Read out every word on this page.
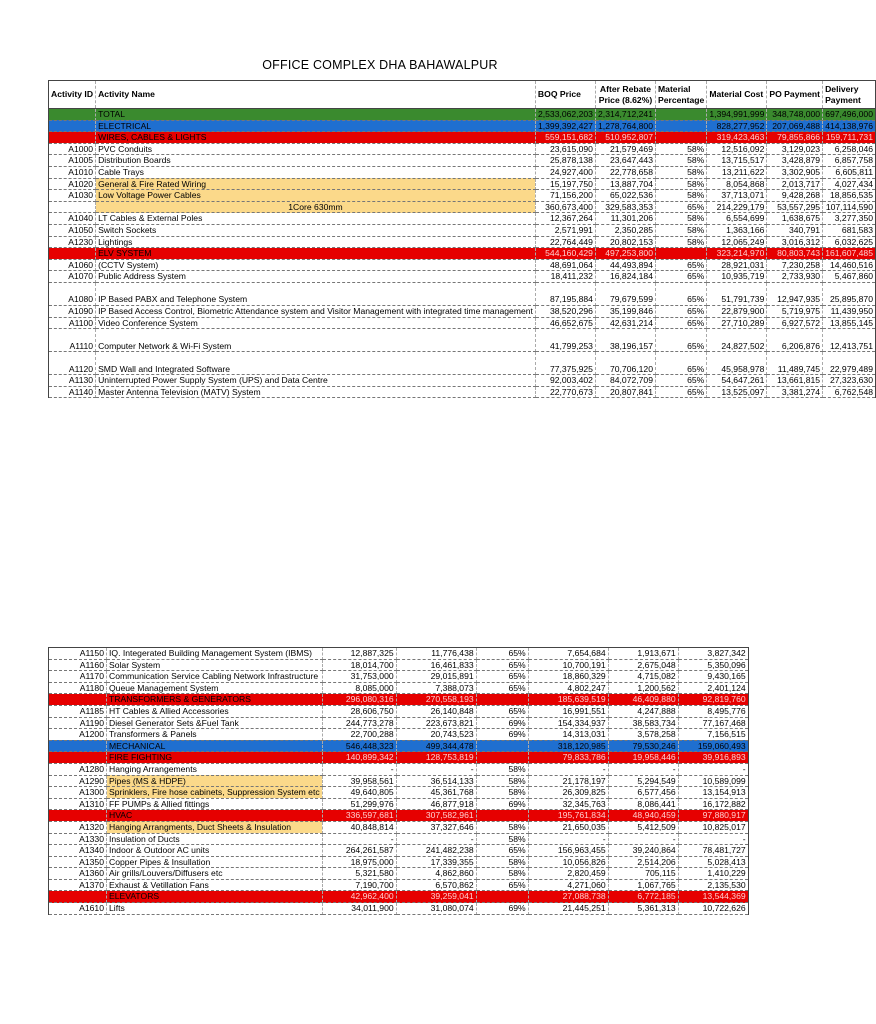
OFFICE COMPLEX DHA BAHAWALPUR
Activity ID	Activity Name	BOQ Price	After Rebate Price (8.62%)	Material Percentage	Material Cost	PO Payment	Delivery Payment
	TOTAL	2,533,062,203	2,314,712,241		1,394,991,999	348,748,000	697,496,000
	ELECTRICAL	1,399,392,427	1,278,764,800		828,277,952	207,069,488	414,138,976
	WIRES, CABLES & LIGHTS	559,151,682	510,952,807		319,423,463	79,855,866	159,711,731
A1000	PVC Conduits	23,615,090	21,579,469	58%	12,516,092	3,129,023	6,258,046
A1005	Distribution Boards	25,878,138	23,647,443	58%	13,715,517	3,428,879	6,857,758
A1010	Cable Trays	24,927,400	22,778,658	58%	13,211,622	3,302,905	6,605,811
A1020	General & Fire Rated Wiring	15,197,750	13,887,704	58%	8,054,868	2,013,717	4,027,434
A1030	Low Voltage Power Cables	71,156,200	65,022,536	58%	37,713,071	9,428,268	18,856,535
	1Core 630mm	360,673,400	329,583,353	65%	214,229,179	53,557,295	107,114,590
A1040	LT Cables & External Poles	12,367,264	11,301,206	58%	6,554,699	1,638,675	3,277,350
A1050	Switch Sockets	2,571,991	2,350,285	58%	1,363,166	340,791	681,583
A1230	Lightings	22,764,449	20,802,153	58%	12,065,249	3,016,312	6,032,625
	ELV SYSTEM	544,160,429	497,253,800		323,214,970	80,803,743	161,607,485
A1060	(CCTV System)	48,691,064	44,493,894	65%	28,921,031	7,230,258	14,460,516
A1070	Public Address System	18,411,232	16,824,184	65%	10,935,719	2,733,930	5,467,860
A1080	IP Based PABX and Telephone System	87,195,884	79,679,599	65%	51,791,739	12,947,935	25,895,870
A1090	IP Based Access Control, Biometric Attendance system and Visitor Management with integrated time management	38,520,296	35,199,846	65%	22,879,900	5,719,975	11,439,950
A1100	Video Conference System	46,652,675	42,631,214	65%	27,710,289	6,927,572	13,855,145
A1110	Computer Network & Wi-Fi System	41,799,253	38,196,157	65%	24,827,502	6,206,876	12,413,751
A1120	SMD Wall and Integrated Software	77,375,925	70,706,120	65%	45,958,978	11,489,745	22,979,489
A1130	Uninterrupted Power Supply System (UPS) and Data Centre	92,003,402	84,072,709	65%	54,647,261	13,661,815	27,323,630
A1140	Master Antenna Television (MATV) System	22,770,673	20,807,841	65%	13,525,097	3,381,274	6,762,548
A1150	IQ. Integerated Building Management System (IBMS)	12,887,325	11,776,438	65%	7,654,684	1,913,671	3,827,342
A1160	Solar System	18,014,700	16,461,833	65%	10,700,191	2,675,048	5,350,096
A1170	Communication Service Cabling Network Infrastructure	31,753,000	29,015,891	65%	18,860,329	4,715,082	9,430,165
A1180	Queue Management System	8,085,000	7,388,073	65%	4,802,247	1,200,562	2,401,124
	TRANSFORMERS & GENERATORS	296,080,316	270,558,193		185,639,519	46,409,880	92,819,760
A1185	HT Cables & Allied Accessories	28,606,750	26,140,848	65%	16,991,551	4,247,888	8,495,776
A1190	Diesel Generator Sets &Fuel Tank	244,773,278	223,673,821	69%	154,334,937	38,583,734	77,167,468
A1200	Transformers & Panels	22,700,288	20,743,523	69%	14,313,031	3,578,258	7,156,515
	MECHANICAL	546,448,323	499,344,478		318,120,985	79,530,246	159,060,493
	FIRE FIGHTING	140,899,342	128,753,819		79,833,786	19,958,446	39,916,893
A1280	Hanging Arrangements	-	-	58%	-	-	-
A1290	Pipes (MS & HDPE)	39,958,561	36,514,133	58%	21,178,197	5,294,549	10,589,099
A1300	Sprinklers, Fire hose cabinets, Suppression System etc	49,640,805	45,361,768	58%	26,309,825	6,577,456	13,154,913
A1310	FF PUMPs & Allied fittings	51,299,976	46,877,918	69%	32,345,763	8,086,441	16,172,882
	HVAC	336,597,681	307,582,961		195,761,834	48,940,459	97,880,917
A1320	Hanging Arrangments, Duct Sheets & Insulation	40,848,814	37,327,646	58%	21,650,035	5,412,509	10,825,017
A1330	Insulation of Ducts	-	-	58%	-	-	-
A1340	Indoor & Outdoor AC units	264,261,587	241,482,238	65%	156,963,455	39,240,864	78,481,727
A1350	Copper Pipes & Insullation	18,975,000	17,339,355	58%	10,056,826	2,514,206	5,028,413
A1360	Air grills/Louvers/Diffusers etc	5,321,580	4,862,860	58%	2,820,459	705,115	1,410,229
A1370	Exhaust & Vetillation Fans	7,190,700	6,570,862	65%	4,271,060	1,067,765	2,135,530
	ELEVATORS	42,962,400	39,259,041		27,088,738	6,772,185	13,544,369
A1610	Lifts	34,011,900	31,080,074	69%	21,445,251	5,361,313	10,722,626
